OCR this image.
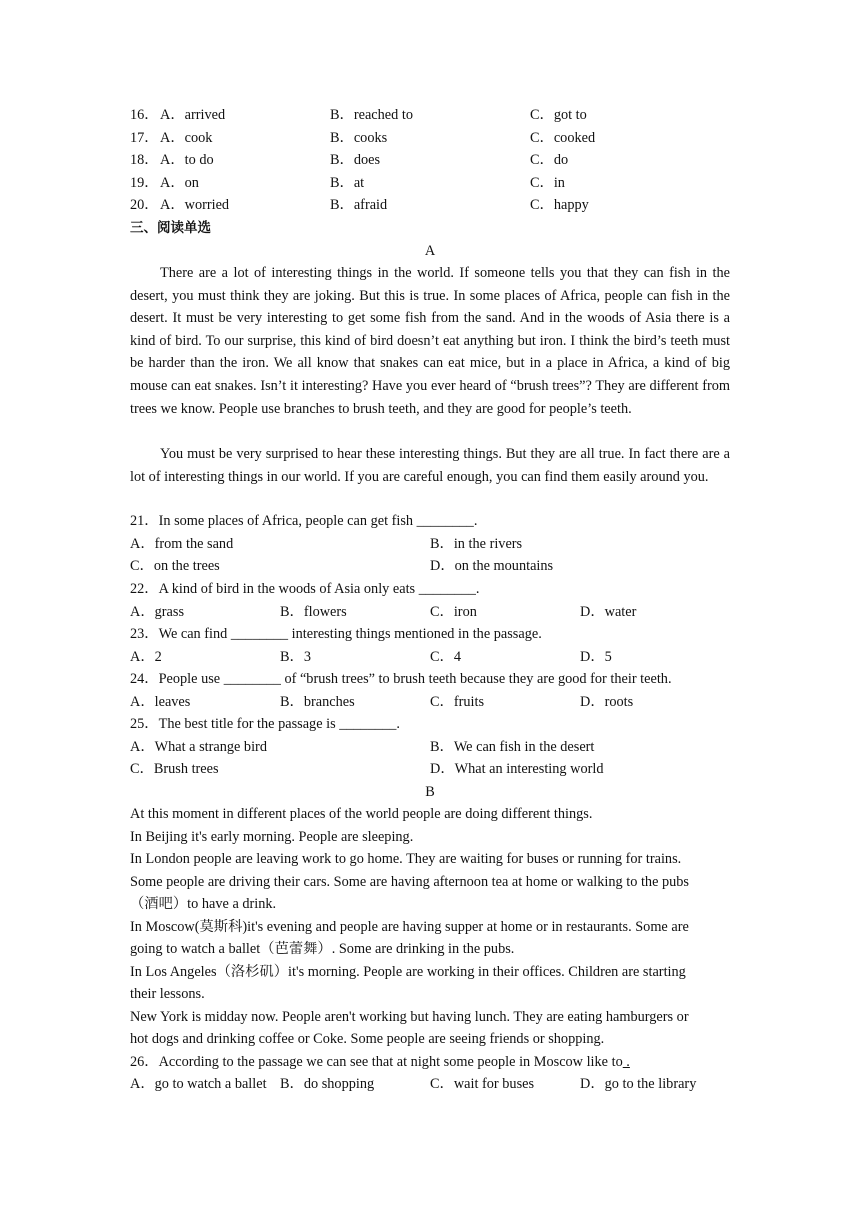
16． A．arrived	B．reached to	C．got to
17． A．cook	B．cooks	C．cooked
18． A．to do	B．does	C．do
19． A．on	B．at	C．in
20． A．worried	B．afraid	C．happy
三、阅读单选
A
There are a lot of interesting things in the world. If someone tells you that they can fish in the desert, you must think they are joking. But this is true. In some places of Africa, people can fish in the desert. It must be very interesting to get some fish from the sand. And in the woods of Asia there is a kind of bird. To our surprise, this kind of bird doesn’t eat anything but iron. I think the bird’s teeth must be harder than the iron. We all know that snakes can eat mice, but in a place in Africa, a kind of big mouse can eat snakes. Isn’t it interesting? Have you ever heard of “brush trees”? They are different from trees we know. People use branches to brush teeth, and they are good for people’s teeth.
You must be very surprised to hear these interesting things. But they are all true. In fact there are a lot of interesting things in our world. If you are careful enough, you can find them easily around you.
21．In some places of Africa, people can get fish ________.
A．from the sand	B．in the rivers
C．on the trees	D．on the mountains
22．A kind of bird in the woods of Asia only eats ________.
A．grass	B．flowers	C．iron	D．water
23．We can find ________ interesting things mentioned in the passage.
A．2	B．3	C．4	D．5
24．People use ________ of “brush trees” to brush teeth because they are good for their teeth.
A．leaves	B．branches	C．fruits	D．roots
25．The best title for the passage is ________.
A．What a strange bird	B．We can fish in the desert
C．Brush trees	D．What an interesting world
B
At this moment in different places of the world people are doing different things.
In Beijing it's early morning. People are sleeping.
In London people are leaving work to go home. They are waiting for buses or running for trains.
Some people are driving their cars. Some are having afternoon tea at home or walking to the pubs
（酒吧）to have a drink.
In Moscow(莫斯科)it's evening and people are having supper at home or in restaurants. Some are
going to watch a ballet（芭蕾舞）. Some are drinking in the pubs.
In Los Angeles（洛杉矶）it's morning. People are working in their offices. Children are starting
their lessons.
New York is midday now. People aren't working but having lunch. They are eating hamburgers or
hot dogs and drinking coffee or Coke. Some people are seeing friends or shopping.
26．According to the passage we can see that at night some people in Moscow like to .
A．go to watch a ballet B．do shopping	C．wait for buses	D．go to the library
